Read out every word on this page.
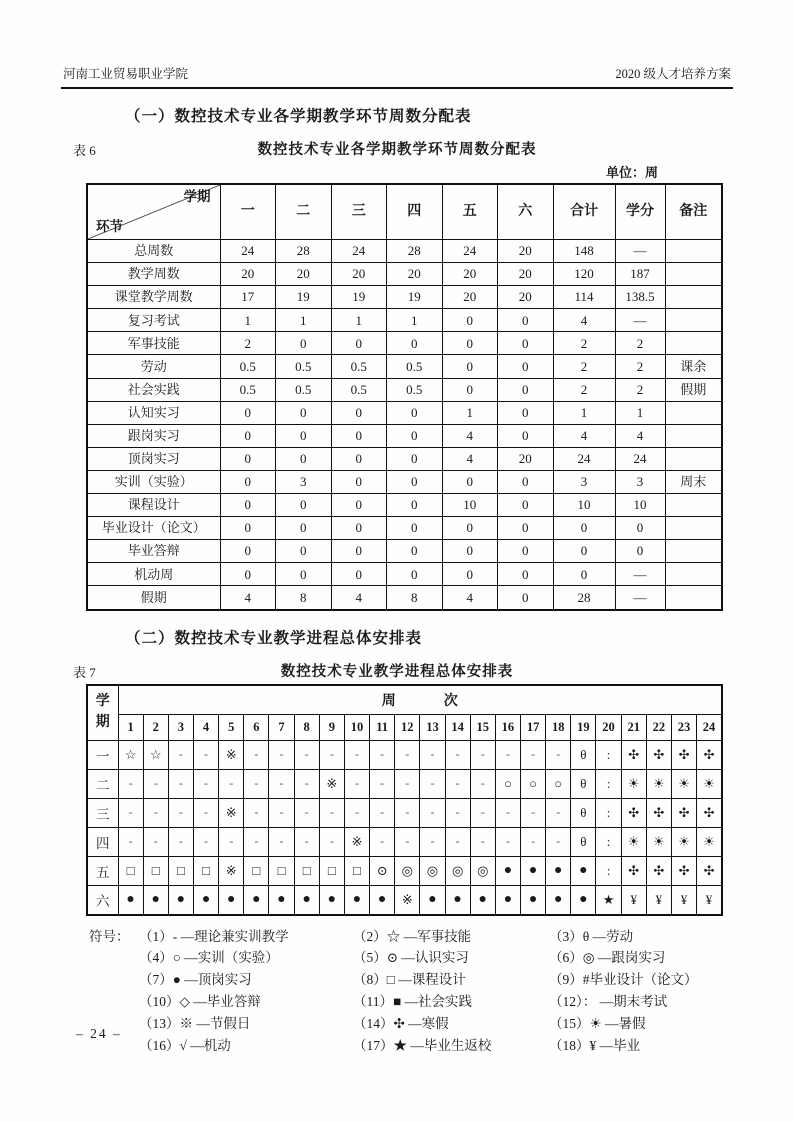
河南工业贸易职业学院	2020 级人才培养方案
（一）数控技术专业各学期教学环节周数分配表
表 6	数控技术专业各学期教学环节周数分配表
单位：周
学期
环节	一	二	三	四	五	六	合计	学分	备注
总周数	24	28	24	28	24	20	148	—	
教学周数	20	20	20	20	20	20	120	187	
课堂教学周数	17	19	19	19	20	20	114	138.5	
复习考试	1	1	1	1	0	0	4	—	
军事技能	2	0	0	0	0	0	2	2	
劳动	0.5	0.5	0.5	0.5	0	0	2	2	课余
社会实践	0.5	0.5	0.5	0.5	0	0	2	2	假期
认知实习	0	0	0	0	1	0	1	1	
跟岗实习	0	0	0	0	4	0	4	4	
顶岗实习	0	0	0	0	4	20	24	24	
实训（实验）	0	3	0	0	0	0	3	3	周末
课程设计	0	0	0	0	10	0	10	10	
毕业设计（论文）	0	0	0	0	0	0	0	0	
毕业答辩	0	0	0	0	0	0	0	0	
机动周	0	0	0	0	0	0	0	—	
假期	4	8	4	8	4	0	28	—	
（二）数控技术专业教学进程总体安排表
表 7	数控技术专业教学进程总体安排表
学
期	周 次																							
	1	2	3	4	5	6	7	8	9	10	11	12	13	14	15	16	17	18	19	20	21	22	23	24
一	☆	☆	-	-	※	-	-	-	-	-	-	-	-	-	-	-	-	-	θ	:	✣	✣	✣	✣
二	-	-	-	-	-	-	-	-	※	-	-	-	-	-	-	○	○	○	θ	:	☀	☀	☀	☀
三	-	-	-	-	※	-	-	-	-	-	-	-	-	-	-	-	-	-	θ	:	✣	✣	✣	✣
四	-	-	-	-	-	-	-	-	-	※	-	-	-	-	-	-	-	-	θ	:	☀	☀	☀	☀
五	□	□	□	□	※	□	□	□	□	□	⊙	◎	◎	◎	◎	●	●	●	●	:	✣	✣	✣	✣
六	●	●	●	●	●	●	●	●	●	●	●	※	●	●	●	●	●	●	●	★	¥	¥	¥	¥
符号： （1）- —理论兼实训教学	（2）☆ —军事技能	（3）θ —劳动
（4）○ —实训（实验）	（5）⊙ —认识实习	（6）◎ —跟岗实习
（7）● —顶岗实习	（8）□ —课程设计	（9）#毕业设计（论文）
（10）◇ —毕业答辩	（11）■ —社会实践	（12）： —期末考试
（13）※ —节假日	（14）✣ —寒假	（15）☀ —暑假
（16）√ —机动	（17）★ —毕业生返校	（18）¥ —毕业
– 24 –
